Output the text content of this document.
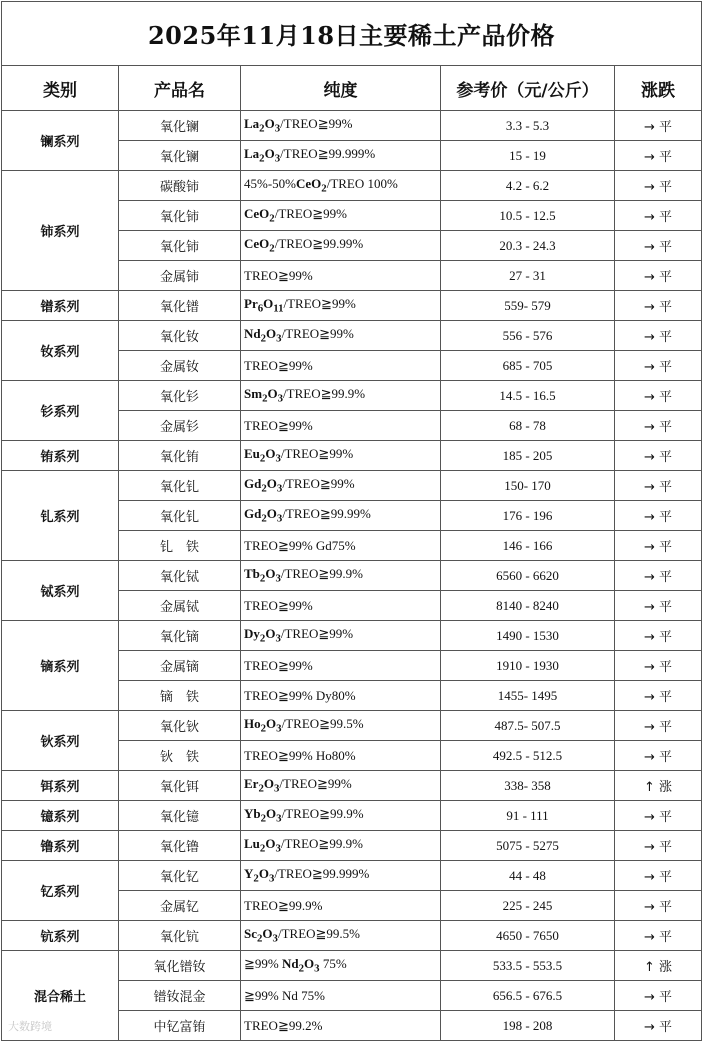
2025年11月18日主要稀土产品价格				
类别	产品名	纯度	参考价（元/公斤）	涨跌
镧系列	氧化镧	$La_2O_3/TREO≧99\%$	3.3 - 5.3	→ 平
	氧化镧	$La_2O_3/TREO≧99.999\%$	15 - 19	→ 平
铈系列	碳酸铈	45%-50%CeO$_2$/TREO 100%	4.2 - 6.2	→ 平
	氧化铈	CeO$_2$/TREO≧99%	10.5 - 12.5	→ 平
	氧化铈	CeO$_2$/TREO≧99.99%	20.3 - 24.3	→ 平
	金属铈	TREO≧99%	27 - 31	→ 平
镨系列	氧化镨	$Pr_6O_{11}/TREO≧99\%$	559- 579	→ 平
钕系列	氧化钕	$Nd_2O_3/TREO≧99\%$	556 - 576	→ 平
	金属钕	TREO≧99%	685 - 705	→ 平
钐系列	氧化钐	$Sm_2O_3/TREO≧99.9\%$	14.5 - 16.5	→ 平
	金属钐	TREO≧99%	68 - 78	→ 平
铕系列	氧化铕	$Eu_2O_3/TREO≧99\%$	185 - 205	→ 平
钆系列	氧化钆	$Gd_2O_3/TREO≧99\%$	150- 170	→ 平
	氧化钆	$Gd_2O_3/TREO≧99.99\%$	176 - 196	→ 平
	钆　铁	TREO≧99% Gd75%	146 - 166	→ 平
铽系列	氧化铽	$Tb_2O_3/TREO≧99.9\%$	6560 - 6620	→ 平
	金属铽	TREO≧99%	8140 - 8240	→ 平
镝系列	氧化镝	$Dy_2O_3/TREO≧99\%$	1490 - 1530	→ 平
	金属镝	TREO≧99%	1910 - 1930	→ 平
	镝　铁	TREO≧99% Dy80%	1455- 1495	→ 平
钬系列	氧化钬	$Ho_2O_3/TREO≧99.5\%$	487.5- 507.5	→ 平
	钬　铁	TREO≧99% Ho80%	492.5 - 512.5	→ 平
铒系列	氧化铒	$Er_2O_3/TREO≧99\%$	338- 358	↑ 涨
镱系列	氧化镱	$Yb_2O_3/TREO≧99.9\%$	91 - 111	→ 平
镥系列	氧化镥	$Lu_2O_3/TREO≧99.9\%$	5075 - 5275	→ 平
钇系列	氧化钇	$Y_2O_3/TREO≧99.999\%$	44 - 48	→ 平
	金属钇	TREO≧99.9%	225 - 245	→ 平
钪系列	氧化钪	$Sc_2O_3/TREO≧99.5\%$	4650 - 7650	→ 平
混合稀土	氧化镨钕	≧99% $Nd_2O_3$ 75%	533.5 - 553.5	↑ 涨
	镨钕混金	≧99% Nd 75%	656.5 - 676.5	→ 平
	中钇富铕	TREO≧99.2%	198 - 208	→ 平
大数跨境
